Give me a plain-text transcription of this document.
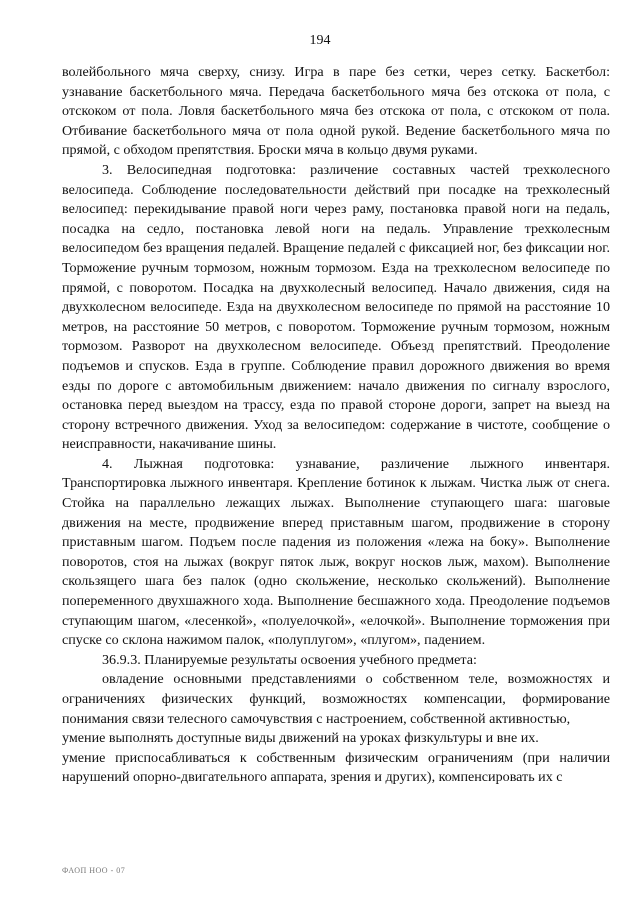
194

волейбольного мяча сверху, снизу. Игра в паре без сетки, через сетку. Баскетбол: узнавание баскетбольного мяча. Передача баскетбольного мяча без отскока от пола, с отскоком от пола. Ловля баскетбольного мяча без отскока от пола, с отскоком от пола. Отбивание баскетбольного мяча от пола одной рукой. Ведение баскетбольного мяча по прямой, с обходом препятствия. Броски мяча в кольцо двумя руками.

3. Велосипедная подготовка: различение составных частей трехколесного велосипеда. Соблюдение последовательности действий при посадке на трехколесный велосипед: перекидывание правой ноги через раму, постановка правой ноги на педаль, посадка на седло, постановка левой ноги на педаль. Управление трехколесным велосипедом без вращения педалей. Вращение педалей с фиксацией ног, без фиксации ног. Торможение ручным тормозом, ножным тормозом. Езда на трехколесном велосипеде по прямой, с поворотом. Посадка на двухколесный велосипед. Начало движения, сидя на двухколесном велосипеде. Езда на двухколесном велосипеде по прямой на расстояние 10 метров, на расстояние 50 метров, с поворотом. Торможение ручным тормозом, ножным тормозом. Разворот на двухколесном велосипеде. Объезд препятствий. Преодоление подъемов и спусков. Езда в группе. Соблюдение правил дорожного движения во время езды по дороге с автомобильным движением: начало движения по сигналу взрослого, остановка перед выездом на трассу, езда по правой стороне дороги, запрет на выезд на сторону встречного движения. Уход за велосипедом: содержание в чистоте, сообщение о неисправности, накачивание шины.

4. Лыжная подготовка: узнавание, различение лыжного инвентаря. Транспортировка лыжного инвентаря. Крепление ботинок к лыжам. Чистка лыж от снега. Стойка на параллельно лежащих лыжах. Выполнение ступающего шага: шаговые движения на месте, продвижение вперед приставным шагом, продвижение в сторону приставным шагом. Подъем после падения из положения «лежа на боку». Выполнение поворотов, стоя на лыжах (вокруг пяток лыж, вокруг носков лыж, махом). Выполнение скользящего шага без палок (одно скольжение, несколько скольжений). Выполнение попеременного двухшажного хода. Выполнение бесшажного хода. Преодоление подъемов ступающим шагом, «лесенкой», «полуелочкой», «елочкой». Выполнение торможения при спуске со склона нажимом палок, «полуплугом», «плугом», падением.

36.9.3. Планируемые результаты освоения учебного предмета:

овладение основными представлениями о собственном теле, возможностях и ограничениях физических функций, возможностях компенсации, формирование понимания связи телесного самочувствия с настроением, собственной активностью,

умение выполнять доступные виды движений на уроках физкультуры и вне их.

умение приспосабливаться к собственным физическим ограничениям (при наличии нарушений опорно-двигательного аппарата, зрения и других), компенсировать их с

ФАОП НОО - 07
